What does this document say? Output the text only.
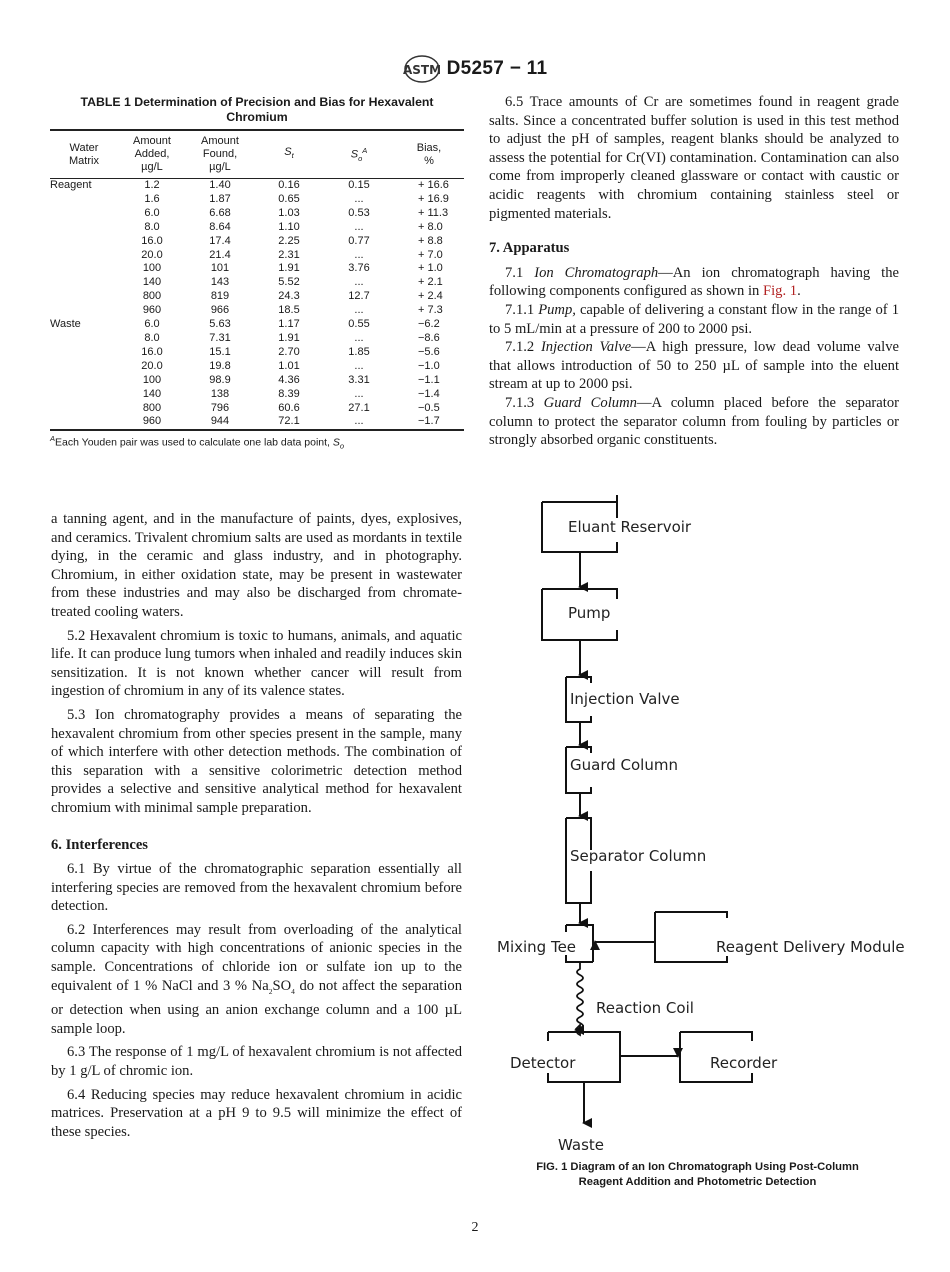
ASTM D5257 − 11
TABLE 1 Determination of Precision and Bias for Hexavalent Chromium
Water
Matrix	Amount
Added,
µg/L	Amount
Found,
µg/L	$S_t$	$S_o^A$	Bias,
%
Reagent	1.2	1.40	0.16	0.15	+ 16.6
	1.6	1.87	0.65	...	+ 16.9
	6.0	6.68	1.03	0.53	+ 11.3
	8.0	8.64	1.10	...	+ 8.0
	16.0	17.4	2.25	0.77	+ 8.8
	20.0	21.4	2.31	...	+ 7.0
	100	101	1.91	3.76	+ 1.0
	140	143	5.52	...	+ 2.1
	800	819	24.3	12.7	+ 2.4
	960	966	18.5	...	+ 7.3
Waste	6.0	5.63	1.17	0.55	−6.2
	8.0	7.31	1.91	...	−8.6
	16.0	15.1	2.70	1.85	−5.6
	20.0	19.8	1.01	...	−1.0
	100	98.9	4.36	3.31	−1.1
	140	138	8.39	...	−1.4
	800	796	60.6	27.1	−0.5
	960	944	72.1	...	−1.7
$^A$Each Youden pair was used to calculate one lab data point, $S_o$

6.5 Trace amounts of Cr are sometimes found in reagent grade salts. Since a concentrated buffer solution is used in this test method to adjust the pH of samples, reagent blanks should be analyzed to assess the potential for Cr(VI) contamination. Contamination can also come from improperly cleaned glassware or contact with caustic or acidic reagents with chromium containing stainless steel or pigmented materials.

7. Apparatus

7.1 Ion Chromatograph—An ion chromatograph having the following components configured as shown in Fig. 1.

7.1.1 Pump, capable of delivering a constant flow in the range of 1 to 5 mL/min at a pressure of 200 to 2000 psi.

7.1.2 Injection Valve—A high pressure, low dead volume valve that allows introduction of 50 to 250 µL of sample into the eluent stream at up to 2000 psi.

7.1.3 Guard Column—A column placed before the separator column to protect the separator column from fouling by particles or strongly absorbed organic constituents.

a tanning agent, and in the manufacture of paints, dyes, explosives, and ceramics. Trivalent chromium salts are used as mordants in textile dying, in the ceramic and glass industry, and in photography. Chromium, in either oxidation state, may be present in wastewater from these industries and may also be discharged from chromate-treated cooling waters.

5.2 Hexavalent chromium is toxic to humans, animals, and aquatic life. It can produce lung tumors when inhaled and readily induces skin sensitization. It is not known whether cancer will result from ingestion of chromium in any of its valence states.

5.3 Ion chromatography provides a means of separating the hexavalent chromium from other species present in the sample, many of which interfere with other detection methods. The combination of this separation with a sensitive colorimetric detection method provides a selective and sensitive analytical method for hexavalent chromium with minimal sample preparation.

6. Interferences

6.1 By virtue of the chromatographic separation essentially all interfering species are removed from the hexavalent chromium before detection.

6.2 Interferences may result from overloading of the analytical column capacity with high concentrations of anionic species in the sample. Concentrations of chloride ion or sulfate ion up to the equivalent of 1 % NaCl and 3 % $Na_2SO_4$ do not affect the separation or detection when using an anion exchange column and a 100 µL sample loop.

6.3 The response of 1 mg/L of hexavalent chromium is not affected by 1 g/L of chromic ion.

6.4 Reducing species may reduce hexavalent chromium in acidic matrices. Preservation at a pH 9 to 9.5 will minimize the effect of these species.

Eluant Reservoir
Pump
Injection Valve
Guard Column
Separator Column
Mixing Tee	Reagent Delivery Module
Reaction Coil
Detector	Recorder
Waste
FIG. 1 Diagram of an Ion Chromatograph Using Post-Column
Reagent Addition and Photometric Detection
2
